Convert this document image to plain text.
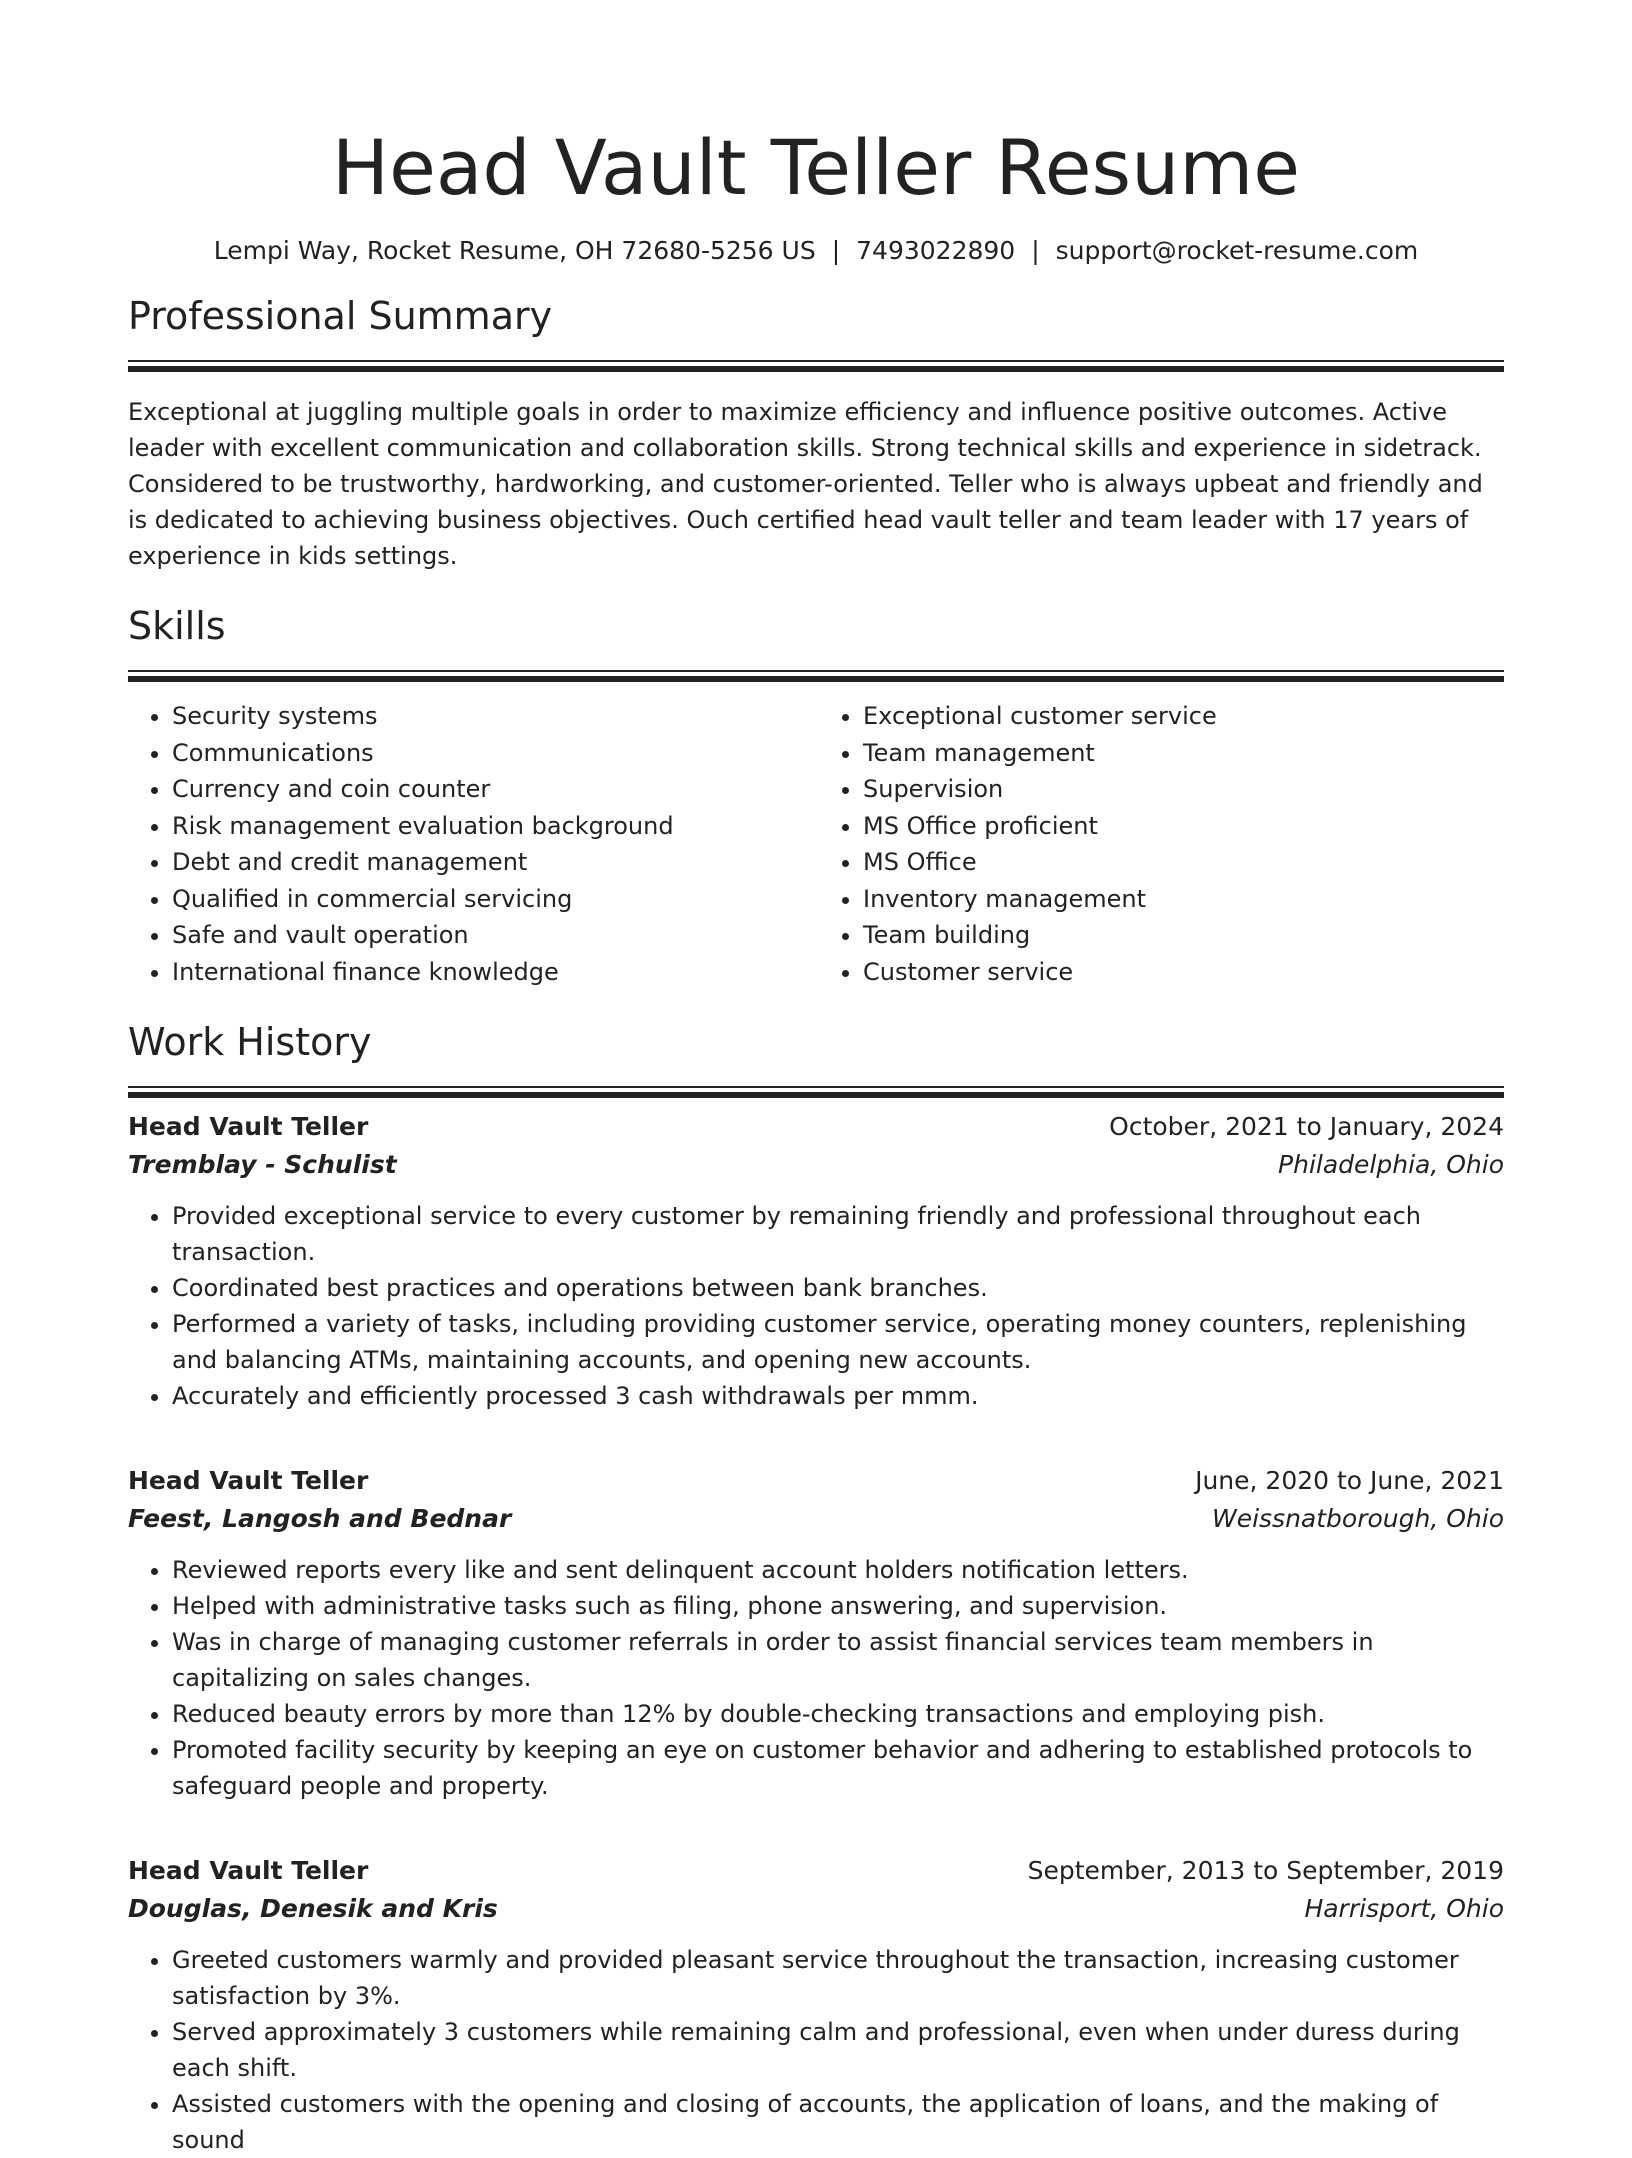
Head Vault Teller Resume
Lempi Way, Rocket Resume, OH 72680-5256 US | 7493022890 | support@rocket-resume.com
Professional Summary

Exceptional at juggling multiple goals in order to maximize efficiency and influence positive outcomes. Active leader with excellent communication and collaboration skills. Strong technical skills and experience in sidetrack. Considered to be trustworthy, hardworking, and customer-oriented. Teller who is always upbeat and friendly and is dedicated to achieving business objectives. Ouch certified head vault teller and team leader with 17 years of experience in kids settings.

Skills
• Security systems
• Communications
• Currency and coin counter
• Risk management evaluation background
• Debt and credit management
• Qualified in commercial servicing
• Safe and vault operation
• International finance knowledge
• Exceptional customer service
• Team management
• Supervision
• MS Office proficient
• MS Office
• Inventory management
• Team building
• Customer service
Work History
Head Vault Teller	October, 2021 to January, 2024
Tremblay - Schulist	Philadelphia, Ohio
• Provided exceptional service to every customer by remaining friendly and professional throughout each transaction.
• Coordinated best practices and operations between bank branches.
• Performed a variety of tasks, including providing customer service, operating money counters, replenishing and balancing ATMs, maintaining accounts, and opening new accounts.
• Accurately and efficiently processed 3 cash withdrawals per mmm.
Head Vault Teller	June, 2020 to June, 2021
Feest, Langosh and Bednar	Weissnatborough, Ohio
• Reviewed reports every like and sent delinquent account holders notification letters.
• Helped with administrative tasks such as filing, phone answering, and supervision.
• Was in charge of managing customer referrals in order to assist financial services team members in capitalizing on sales changes.
• Reduced beauty errors by more than 12% by double-checking transactions and employing pish.
• Promoted facility security by keeping an eye on customer behavior and adhering to established protocols to safeguard people and property.
Head Vault Teller	September, 2013 to September, 2019
Douglas, Denesik and Kris	Harrisport, Ohio
• Greeted customers warmly and provided pleasant service throughout the transaction, increasing customer satisfaction by 3%.
• Served approximately 3 customers while remaining calm and professional, even when under duress during each shift.
• Assisted customers with the opening and closing of accounts, the application of loans, and the making of sound
